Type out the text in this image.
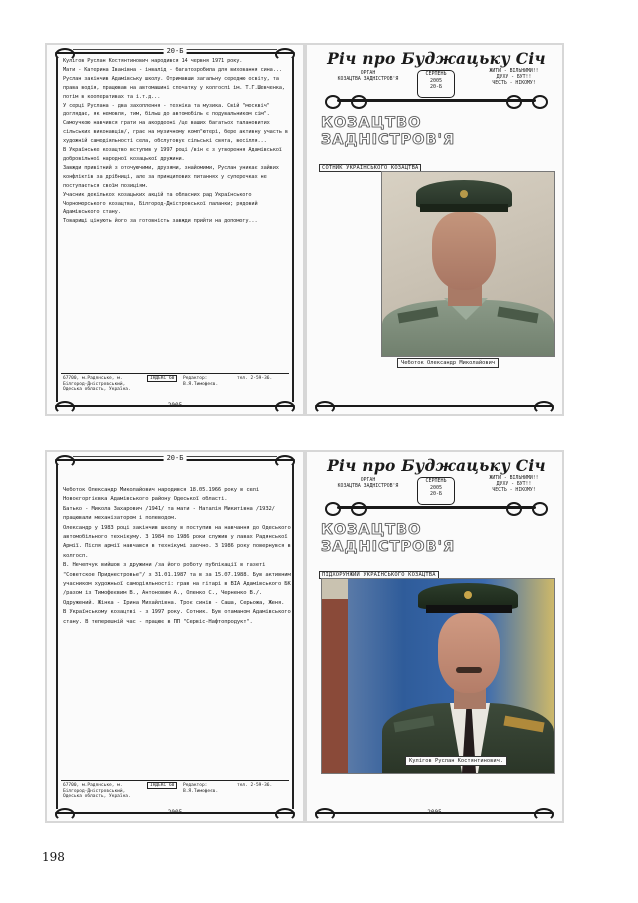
20-Б
Кулігов Руслан Костянтинович народився 14 червня 1971 року.
Мати - Катерина Іванівна - інвалід - багатозробила для виховання сина...
Руслан закінчив Адамівську школу. Отримавши загальну середню освіту, та права водія, працював на автомашині спочатку у колгоспі ім. Т.Г.Шевченка, потім в кооперативах та і.т.д...
У серці Руслана - два захоплення - техніка та музика. Свій "москвіч" доглядає, як немовля, тим, більш до автомобіль є подувальником сім".
Самоучкою навчився грати на акордеоні /це ваших багатьох талановитих сільських виконавців/, грає на музичному комп"ютері, бере активну участь в художній самодіяльності села, обслуговує сільські свята, весілля...
В Українське козацтво вступив у 1997 році /він є з утворення Адамівської добровільної народної козацької дружини.
Завжди привітний з оточуючими, друзями, знайомими, Руслан уникає зайвих конфліктів за дрібниці, але за принципових питаннях у суперечках не поступається своїм позиціям.
Учасник декількох козацьких акцій та обласних рад Українського Чорноморського козацтва, Білгород-Дністровської паланки; рядовий Адамівського стану.
Товарищі цінують його за готовність завжди прийти на допомогу...
67700, м.Радянське, м. Білгород-Дністровський, Одеська область, Україна.
ІНДЕКС 60	Редактор: В.Я.Тимофеєв.
тел. 2-59-36.
2005
Річ про Буджацьку Січ
ОРГАН
КОЗАЦТВА ЗАДНІСТРОВ'Я
СЕРПЕНЬ
2005
20-Б
ЖИТИ - ВІЛЬНИМИ!!
ДУХУ - БУТ!!
ЧЕСТЬ - НІКОМУ!
КОЗАЦТВО
ЗАДНІСТРОВ'Я
СОТНИК УКРАЇНСЬКОГО КОЗАЦТВА
Чеботок Олександр Миколайович
20-Б
Чеботок Олександр Миколайович народився 18.05.1966 року в селі Новоєгоргієвка Адамівського району Одеської області.
Батько - Микола Захарович /1941/ та мати - Наталія Микитівна /1932/ працювали механізатором і полеводом.
Олександр у 1983 році закінчив школу в поступив на навчання до Одеського автомобільного технікуму. З 1984 по 1986 роки служив у лавах Радянської Армії. Після армії навчався в технікумі заочно. З 1986 року повернувся в колгосп.
В. Нечепчук вийшов з дружини /за його роботу публікації в газеті "Советское Приднестровье"/ з 31.01.1987 та в за 15.07.1988. Був активним учасником художньої самодіяльності: грав на гітарі в ВІА Адамівського БК /разом із Тимофеєвим В., Антоновим А., Оленко С., Черненко В./. Одружений. Жінка - Ірина Михайлівна. Троє синів - Саша, Серьожа, Женя.
В Українському козацтві - з 1997 року. Сотник. Був отаманом Адамівського стану. В теперешній час - працює в ПП "Сервіс-Нафтопродукт".
67700, м.Радянське, м. Білгород-Дністровський, Одеська область, Україна.
ІНДЕКС 60	Редактор: В.Я.Тимофеєв.
тел. 2-59-36.
2005
Річ про Буджацьку Січ
ОРГАН
КОЗАЦТВА ЗАДНІСТРОВ'Я
СЕРПЕНЬ
2005
20-Б
ЖИТИ - ВІЛЬНИМИ!!
ДУХУ - БУТ!!
ЧЕСТЬ - НІКОМУ!
КОЗАЦТВО
ЗАДНІСТРОВ'Я
ПІДХОРУНЖИЙ УКРАЇНСЬКОГО КОЗАЦТВА
Кулігов Руслан Костянтинович.
2005
198
